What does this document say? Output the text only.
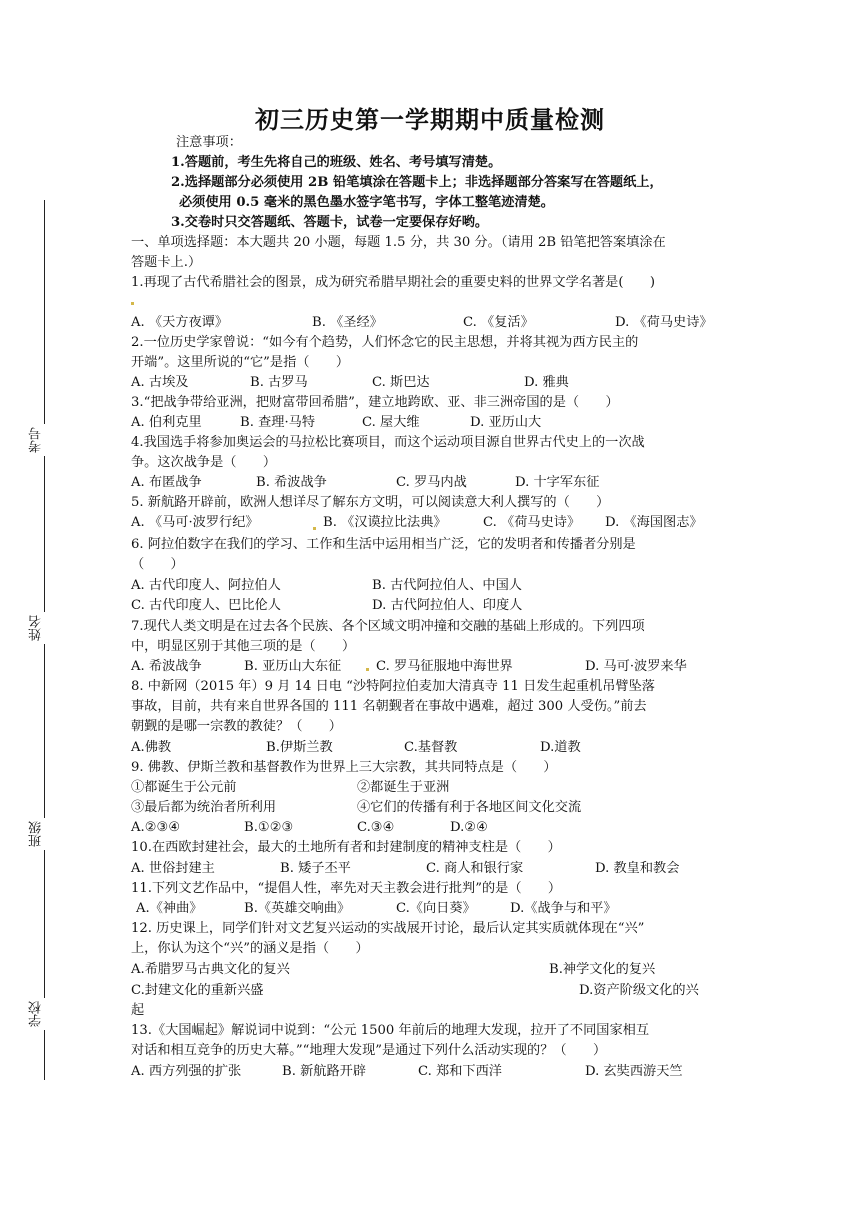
考号
姓名
班级
学校
初三历史第一学期期中质量检测
注意事项：
1.答题前，考生先将自己的班级、姓名、考号填写清楚。
2.选择题部分必须使用 2B 铅笔填涂在答题卡上；非选择题部分答案写在答题纸上，
必须使用 0.5 毫米的黑色墨水签字笔书写，字体工整笔迹清楚。
3.交卷时只交答题纸、答题卡，试卷一定要保存好哟。
一、单项选择题：本大题共 20 小题，每题 1.5 分，共 30 分。（请用 2B 铅笔把答案填涂在
答题卡上.）
1.再现了古代希腊社会的图景，成为研究希腊早期社会的重要史料的世界文学名著是(　　)
A. 《天方夜谭》	B. 《圣经》	C. 《复活》	D. 《荷马史诗》
2.一位历史学家曾说：“如今有个趋势，人们怀念它的民主思想，并将其视为西方民主的
开端”。这里所说的“它”是指（　　）
A. 古埃及	B. 古罗马	C. 斯巴达	D. 雅典
3.“把战争带给亚洲，把财富带回希腊”，建立地跨欧、亚、非三洲帝国的是（　　）
A. 伯利克里	B. 查理·马特	C. 屋大维	D. 亚历山大
4.我国选手将参加奥运会的马拉松比赛项目，而这个运动项目源自世界古代史上的一次战
争。这次战争是（　　）
A. 布匿战争	B. 希波战争	C. 罗马内战	D. 十字军东征
5. 新航路开辟前，欧洲人想详尽了解东方文明，可以阅读意大利人撰写的（　　）
A. 《马可·波罗行纪》	B. 《汉谟拉比法典》	C. 《荷马史诗》 D. 《海国图志》
6. 阿拉伯数字在我们的学习、工作和生活中运用相当广泛，它的发明者和传播者分别是
（　　）
A. 古代印度人、阿拉伯人	B. 古代阿拉伯人、中国人
C. 古代印度人、巴比伦人	D. 古代阿拉伯人、印度人
7.现代人类文明是在过去各个民族、各个区域文明冲撞和交融的基础上形成的。下列四项
中，明显区别于其他三项的是（　　）
A. 希波战争	B. 亚历山大东征	C. 罗马征服地中海世界	D. 马可·波罗来华
8. 中新网（2015 年）9 月 14 日电 “沙特阿拉伯麦加大清真寺 11 日发生起重机吊臂坠落
事故，目前，共有来自世界各国的 111 名朝觐者在事故中遇难，超过 300 人受伤。”前去
朝觐的是哪一宗教的教徒？（　　）
A.佛教	B.伊斯兰教	C.基督教	D.道教
9. 佛教、伊斯兰教和基督教作为世界上三大宗教，其共同特点是（　　）
①都诞生于公元前	②都诞生于亚洲
③最后都为统治者所利用	④它们的传播有利于各地区间文化交流
A.②③④	B.①②③	C.③④	D.②④
10.在西欧封建社会，最大的土地所有者和封建制度的精神支柱是（　　）
A. 世俗封建主	B. 矮子丕平	C. 商人和银行家	D. 教皇和教会
11.下列文艺作品中，“提倡人性，率先对天主教会进行批判”的是（　　）
A.《神曲》	B.《英雄交响曲》	C.《向日葵》	D.《战争与和平》
12. 历史课上，同学们针对文艺复兴运动的实战展开讨论，最后认定其实质就体现在“兴”
上，你认为这个“兴”的涵义是指（　　）
A.希腊罗马古典文化的复兴	B.神学文化的复兴
C.封建文化的重新兴盛	D.资产阶级文化的兴
起
13.《大国崛起》解说词中说到：“公元 1500 年前后的地理大发现，拉开了不同国家相互
对话和相互竞争的历史大幕。”“地理大发现”是通过下列什么活动实现的？（　　）
A. 西方列强的扩张	B. 新航路开辟	C. 郑和下西洋	D. 玄奘西游天竺
